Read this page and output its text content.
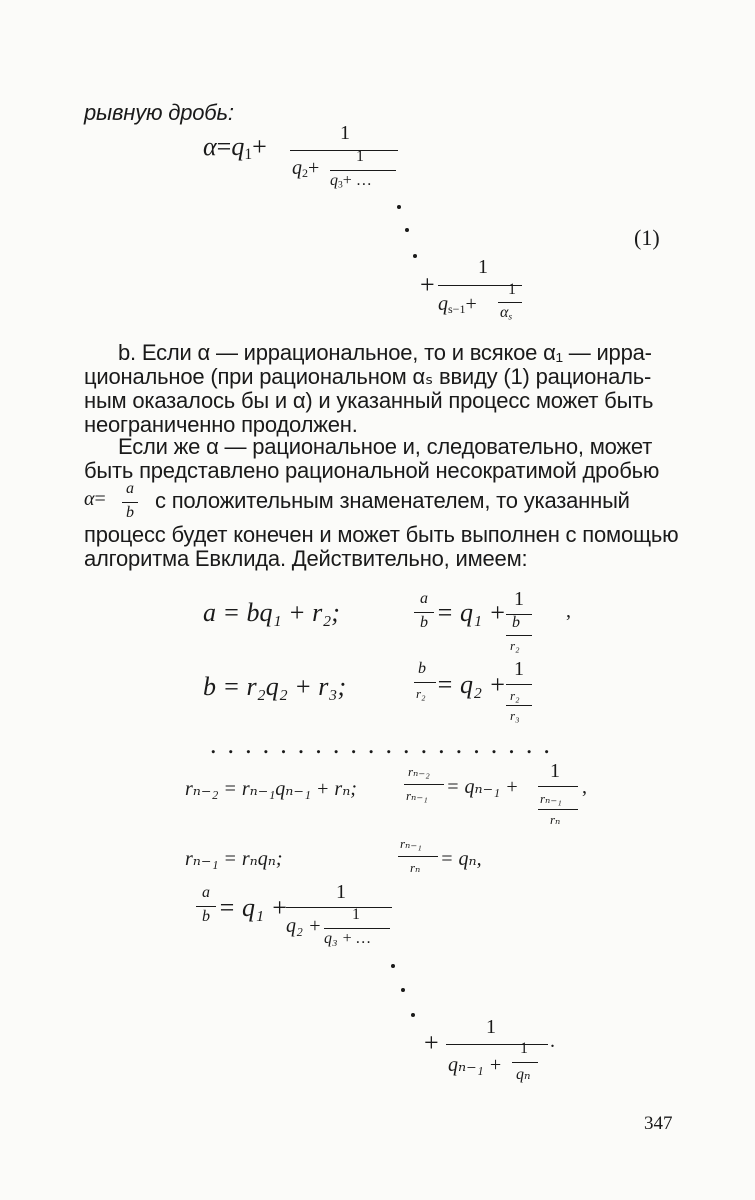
рывную дробь:
$\alpha=q_1+$	1
$q_2+$
1
$q_3+$ …
(1)
+
1
$q_{s-1}+$
1
$\alpha_s$
b. Если α — иррациональное, то и всякое α₁ — ирра-
циональное (при рациональном αₛ ввиду (1) рациональ-
ным оказалось бы и α) и указанный процесс может быть
неограниченно продолжен.
Если же α — рациональное и, следовательно, может
быть представлено рациональной несократимой дробью
α= a
b с положительным знаменателем, то указанный
процесс будет конечен и может быть выполнен с помощью
алгоритма Евклида. Действительно, имеем:
a = bq₁ + r₂;	a
b = q₁ + 1
b
r₂
,
b = r₂q₂ + r₃;
b
r₂ = q₂ +
1
r₂
r₃
. . . . . . . . . . . . . . . . . . . .
rₙ₋₂ = rₙ₋₁qₙ₋₁ + rₙ;
rₙ₋₂
rₙ₋₁ = qₙ₋₁ +
1
rₙ₋₁
rₙ
,
rₙ₋₁ = rₙqₙ;
rₙ₋₁
rₙ = qₙ,
a
b = q₁ +
1
q₂ +
1
q₃ + …
+
1
qₙ₋₁ +
1
qₙ
.
347
